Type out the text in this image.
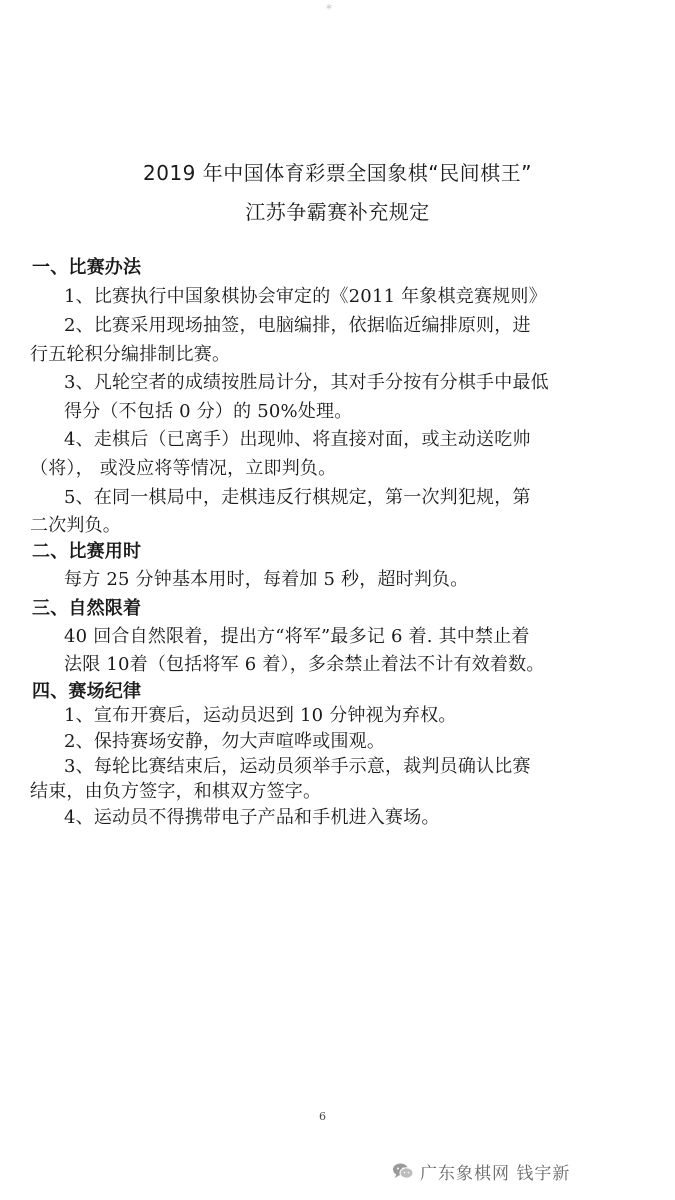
*
2019 年中国体育彩票全国象棋“民间棋王”
江苏争霸赛补充规定
一、比赛办法
1、比赛执行中国象棋协会审定的《2011 年象棋竞赛规则》
2、比赛采用现场抽签，电脑编排，依据临近编排原则，进
行五轮积分编排制比赛。
3、凡轮空者的成绩按胜局计分，其对手分按有分棋手中最低
得分（不包括 0 分）的 50%处理。
4、走棋后（已离手）出现帅、将直接对面，或主动送吃帅
（将）， 或没应将等情况，立即判负。
5、在同一棋局中，走棋违反行棋规定，第一次判犯规，第
二次判负。
二、比赛用时
每方 25 分钟基本用时，每着加 5 秒，超时判负。
三、自然限着
40 回合自然限着，提出方“将军”最多记 6 着. 其中禁止着
法限 10着（包括将军 6 着），多余禁止着法不计有效着数。
四、赛场纪律
1、宣布开赛后，运动员迟到 10 分钟视为弃权。
2、保持赛场安静，勿大声喧哗或围观。
3、每轮比赛结束后，运动员须举手示意，裁判员确认比赛
结束，由负方签字，和棋双方签字。
4、运动员不得携带电子产品和手机进入赛场。
6
广东象棋网 钱宇新
